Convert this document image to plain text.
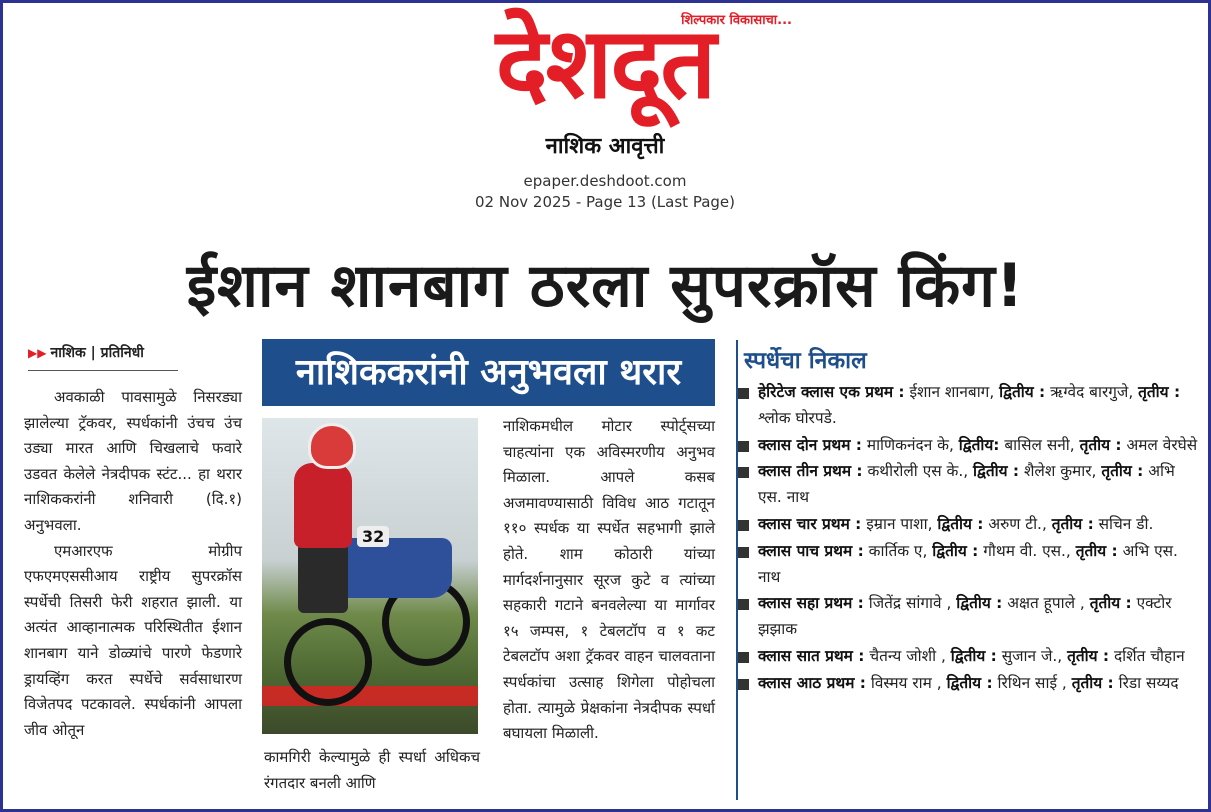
देशदूत
शिल्पकार विकासाचा...
नाशिक आवृत्ती
epaper.deshdoot.com
02 Nov 2025 - Page 13 (Last Page)
ईशान शानबाग ठरला सुपरक्रॉस किंग!
▶▶ नाशिक | प्रतिनिधी

अवकाळी पावसामुळे निसरड्या झालेल्या ट्रॅकवर, स्पर्धकांनी उंचच उंच उड्या मारत आणि चिखलाचे फवारे उडवत केलेले नेत्रदीपक स्टंट... हा थरार नाशिककरांनी शनिवारी (दि.१) अनुभवला.

एमआरएफ मोग्रीप एफएमएससीआय राष्ट्रीय सुपरक्रॉस स्पर्धेची तिसरी फेरी शहरात झाली. या अत्यंत आव्हानात्मक परिस्थितीत ईशान शानबाग याने डोळ्यांचे पारणे फेडणारे ड्रायव्हिंग करत स्पर्धेचे सर्वसाधारण विजेतपद पटकावले. स्पर्धकांनी आपला जीव ओतून

नाशिककरांनी अनुभवला थरार
32
कामगिरी केल्यामुळे ही स्पर्धा अधिकच रंगतदार बनली आणि
नाशिकमधील मोटार स्पोर्ट्सच्या चाहत्यांना एक अविस्मरणीय अनुभव मिळाला. आपले कसब अजमावण्यासाठी विविध आठ गटातून ११० स्पर्धक या स्पर्धेत सहभागी झाले होते. शाम कोठारी यांच्या मार्गदर्शनानुसार सूरज कुटे व त्यांच्या सहकारी गटाने बनवलेल्या या मार्गावर १५ जम्पस, १ टेबलटॉप व १ कट टेबलटॉप अशा ट्रॅकवर वाहन चालवताना स्पर्धकांचा उत्साह शिगेला पोहोचला होता. त्यामुळे प्रेक्षकांना नेत्रदीपक स्पर्धा बघायला मिळाली.
स्पर्धेचा निकाल
हेरिटेज क्लास एक प्रथम : ईशान शानबाग, द्वितीय : ऋग्वेद बारगुजे, तृतीय : श्लोक घोरपडे.
क्लास दोन प्रथम : माणिकनंदन के, द्वितीय: बासिल सनी, तृतीय : अमल वेरघेसे
क्लास तीन प्रथम : कथीरोली एस के., द्वितीय : शैलेश कुमार, तृतीय : अभि एस. नाथ
क्लास चार प्रथम : इम्रान पाशा, द्वितीय : अरुण टी., तृतीय : सचिन डी.
क्लास पाच प्रथम : कार्तिक ए, द्वितीय : गौथम वी. एस., तृतीय : अभि एस. नाथ
क्लास सहा प्रथम : जितेंद्र सांगावे , द्वितीय : अक्षत हूपाले , तृतीय : एक्टोर झझाक
क्लास सात प्रथम : चैतन्य जोशी , द्वितीय : सुजान जे., तृतीय : दर्शित चौहान
क्लास आठ प्रथम : विस्मय राम , द्वितीय : रिथिन साई , तृतीय : रिडा सय्यद
